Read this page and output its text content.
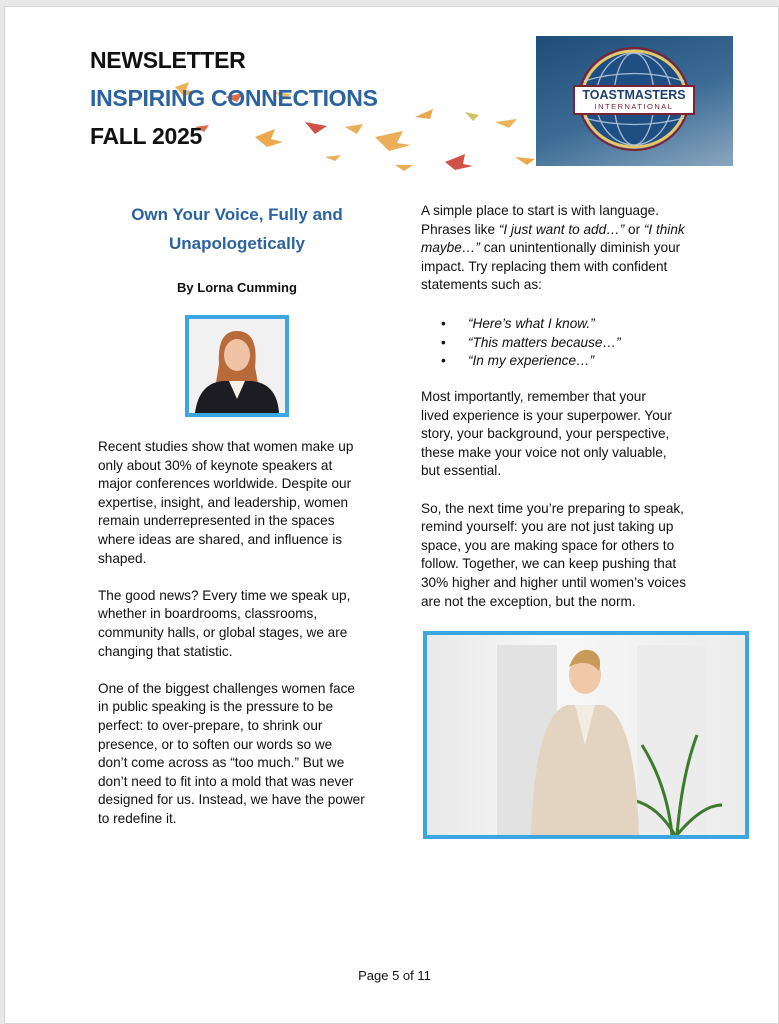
NEWSLETTER
INSPIRING CONNECTIONS
FALL 2025
TOASTMASTERS
INTERNATIONAL
Own Your Voice, Fully and
Unapologetically
By Lorna Cumming
Recent studies show that women make up
only about 30% of keynote speakers at
major conferences worldwide. Despite our
expertise, insight, and leadership, women
remain underrepresented in the spaces
where ideas are shared, and influence is
shaped.
The good news? Every time we speak up,
whether in boardrooms, classrooms,
community halls, or global stages, we are
changing that statistic.
One of the biggest challenges women face
in public speaking is the pressure to be
perfect: to over-prepare, to shrink our
presence, or to soften our words so we
don’t come across as “too much.” But we
don’t need to fit into a mold that was never
designed for us. Instead, we have the power
to redefine it.
A simple place to start is with language.
Phrases like “I just want to add…” or “I think
maybe…” can unintentionally diminish your
impact. Try replacing them with confident
statements such as:
• “Here’s what I know.”
• “This matters because…”
• “In my experience…”
Most importantly, remember that your
lived experience is your superpower. Your
story, your background, your perspective,
these make your voice not only valuable,
but essential.
So, the next time you’re preparing to speak,
remind yourself: you are not just taking up
space, you are making space for others to
follow. Together, we can keep pushing that
30% higher and higher until women’s voices
are not the exception, but the norm.
Page 5 of 11
